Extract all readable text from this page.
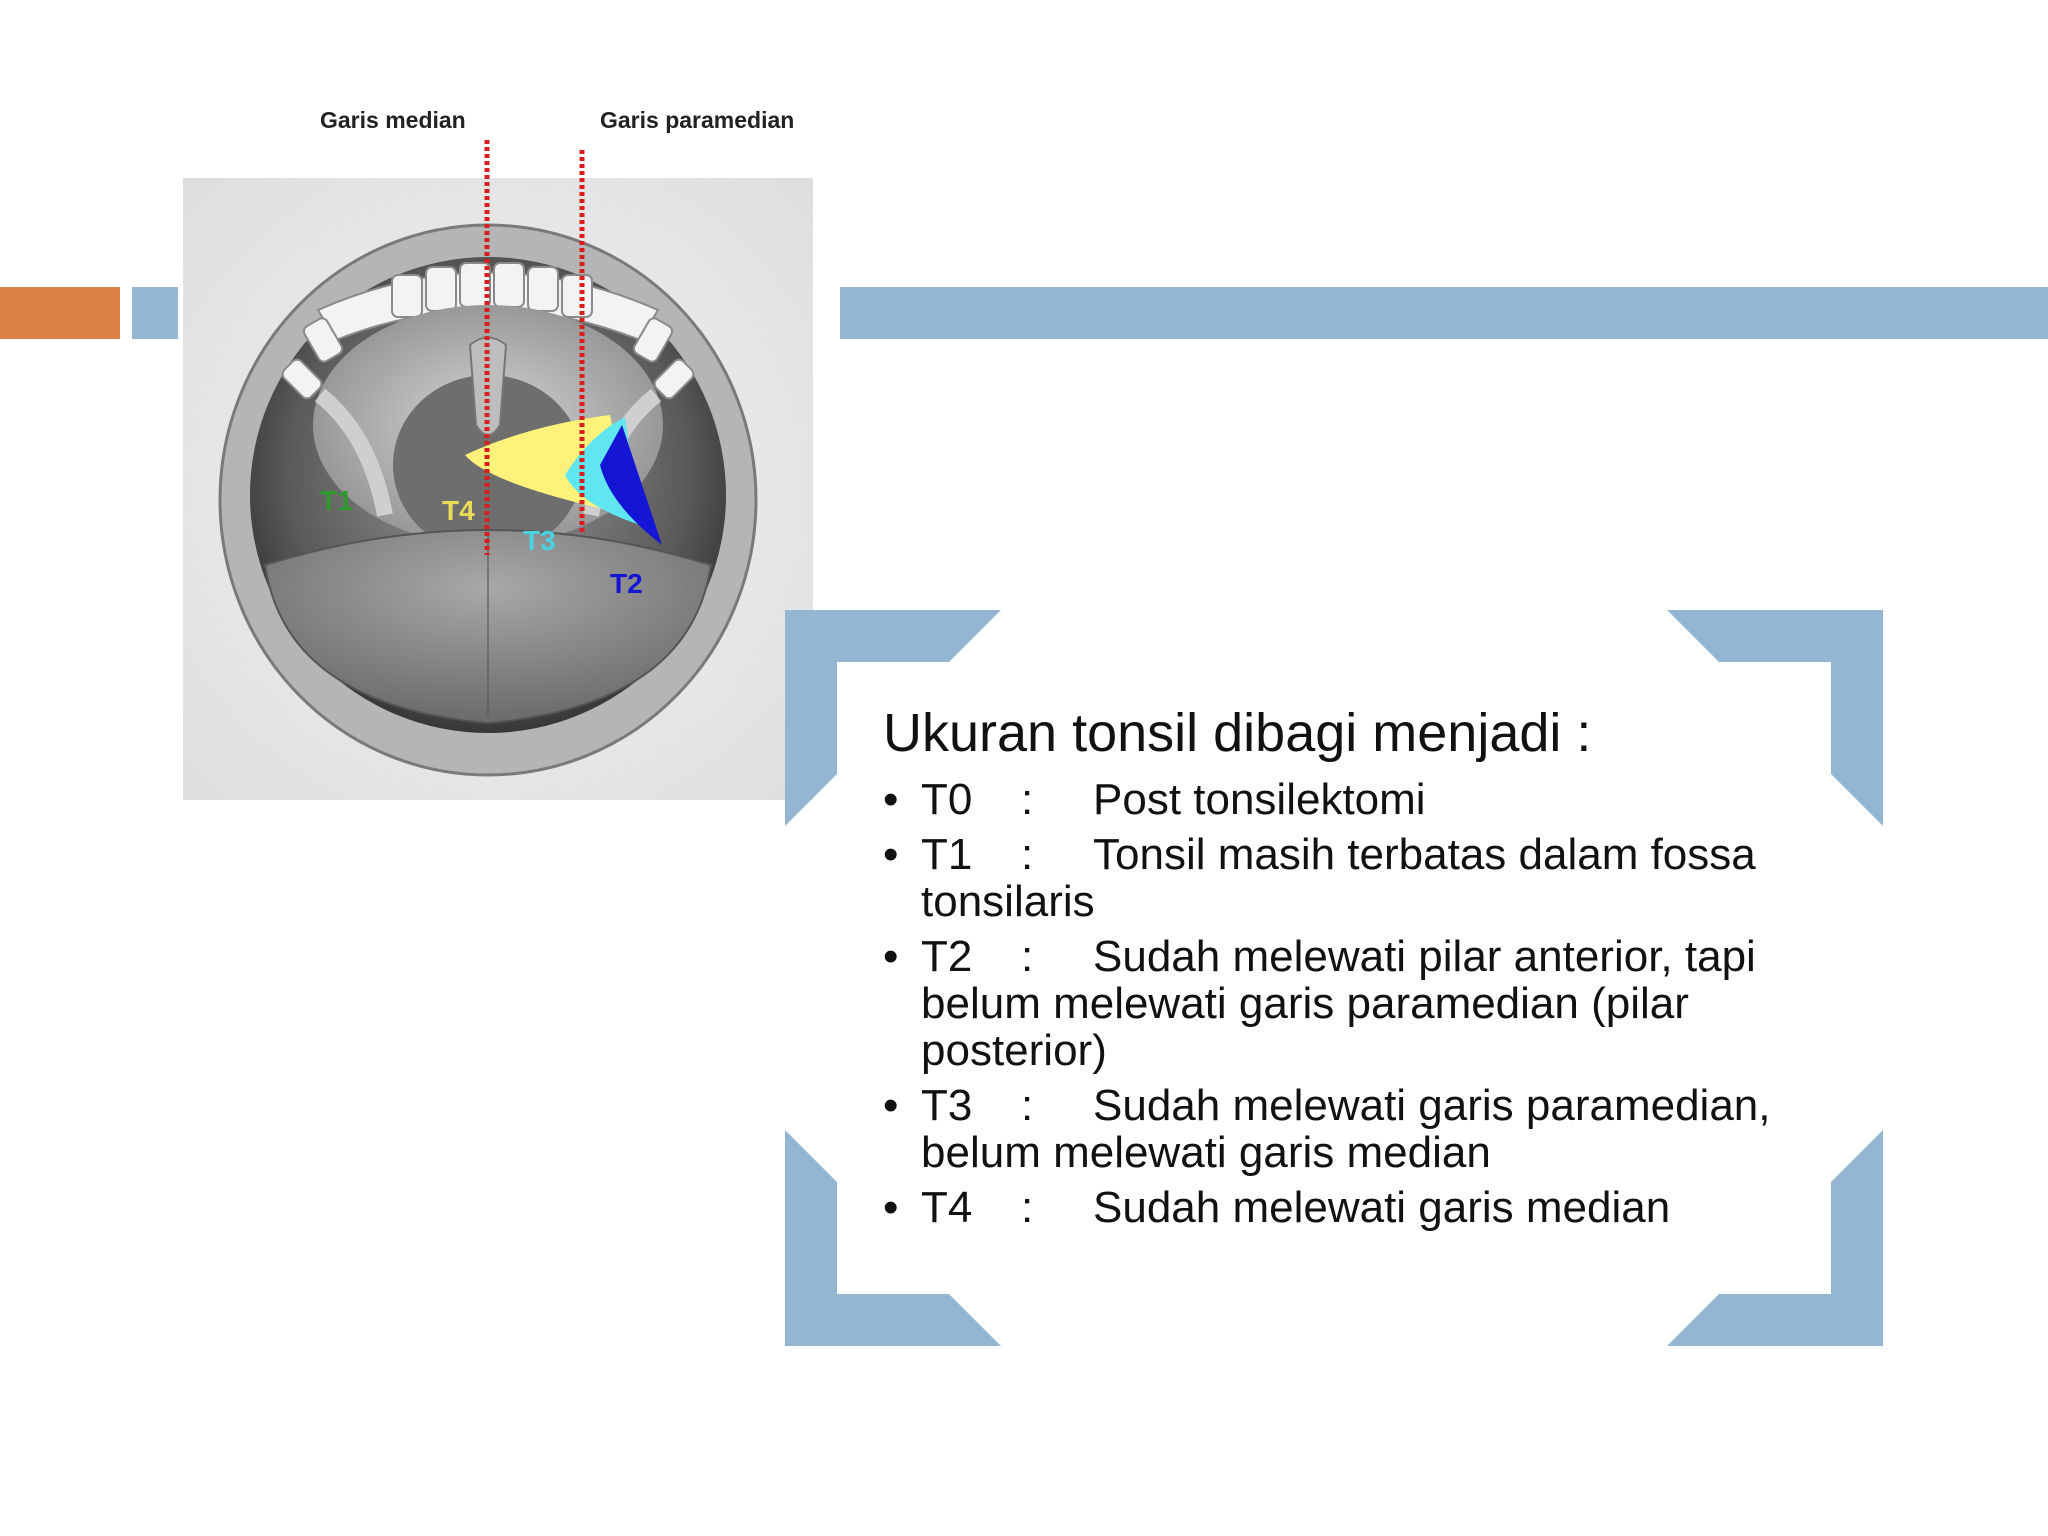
Garis median	Garis paramedian
T1	T4
T3
T2
Ukuran tonsil dibagi menjadi :
• T0 : Post tonsilektomi
• T1 : Tonsil masih terbatas dalam fossa tonsilaris
• T2 : Sudah melewati pilar anterior, tapi belum melewati garis paramedian (pilar posterior)
• T3 : Sudah melewati garis paramedian, belum melewati garis median
• T4 : Sudah melewati garis median
